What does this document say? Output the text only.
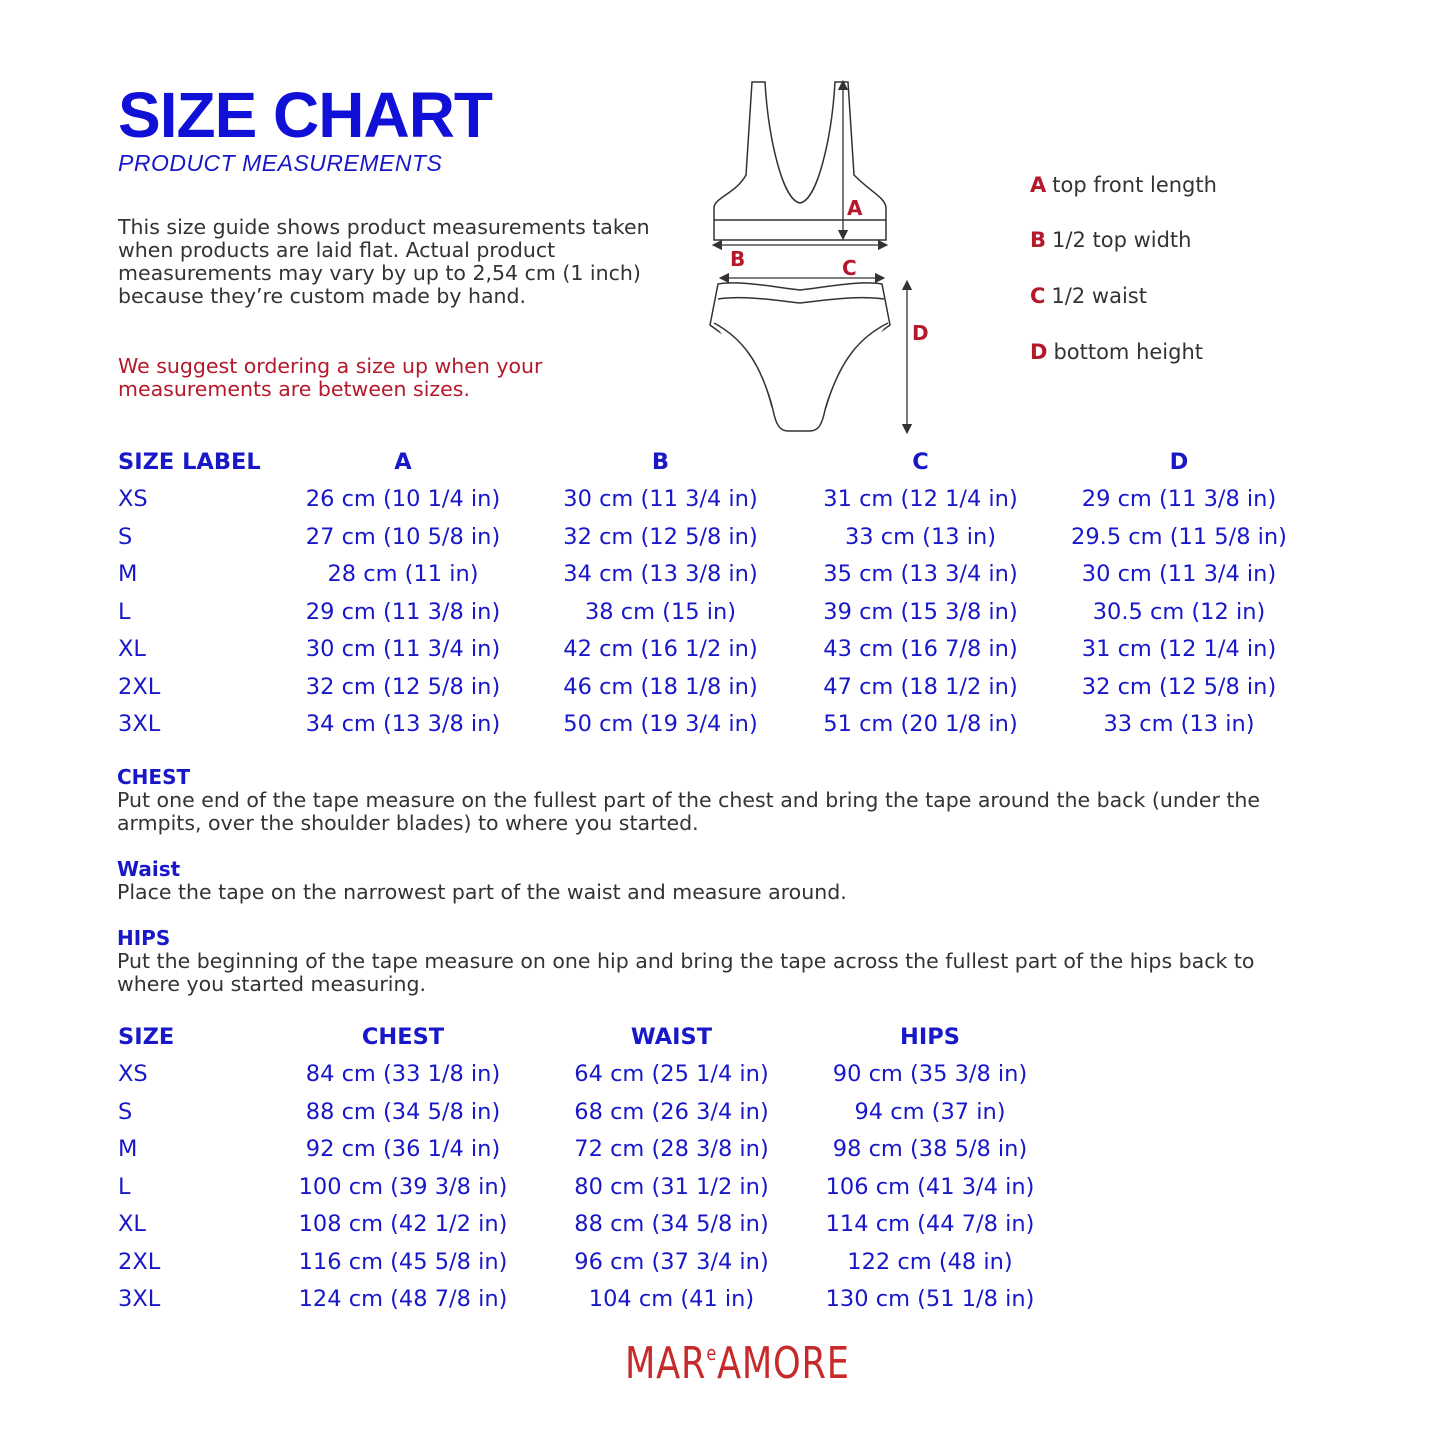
SIZE CHART
PRODUCT MEASUREMENTS
This size guide shows product measurements taken when products are laid flat. Actual product measurements may vary by up to 2,54 cm (1 inch) because they’re custom made by hand.
We suggest ordering a size up when your measurements are between sizes.
A
B	C
D
A top front length
B 1/2 top width
C 1/2 waist
D bottom height
SIZE LABEL	A	B	C	D
XS	26 cm (10 1/4 in)	30 cm (11 3/4 in)	31 cm (12 1/4 in)	29 cm (11 3/8 in)
S	27 cm (10 5/8 in)	32 cm (12 5/8 in)	33 cm (13 in)	29.5 cm (11 5/8 in)
M	28 cm (11 in)	34 cm (13 3/8 in)	35 cm (13 3/4 in)	30 cm (11 3/4 in)
L	29 cm (11 3/8 in)	38 cm (15 in)	39 cm (15 3/8 in)	30.5 cm (12 in)
XL	30 cm (11 3/4 in)	42 cm (16 1/2 in)	43 cm (16 7/8 in)	31 cm (12 1/4 in)
2XL	32 cm (12 5/8 in)	46 cm (18 1/8 in)	47 cm (18 1/2 in)	32 cm (12 5/8 in)
3XL	34 cm (13 3/8 in)	50 cm (19 3/4 in)	51 cm (20 1/8 in)	33 cm (13 in)
CHEST
Put one end of the tape measure on the fullest part of the chest and bring the tape around the back (under the armpits, over the shoulder blades) to where you started.
Waist
Place the tape on the narrowest part of the waist and measure around.
HIPS
Put the beginning of the tape measure on one hip and bring the tape across the fullest part of the hips back to where you started measuring.
SIZE	CHEST	WAIST	HIPS
XS	84 cm (33 1/8 in)	64 cm (25 1/4 in)	90 cm (35 3/8 in)
S	88 cm (34 5/8 in)	68 cm (26 3/4 in)	94 cm (37 in)
M	92 cm (36 1/4 in)	72 cm (28 3/8 in)	98 cm (38 5/8 in)
L	100 cm (39 3/8 in)	80 cm (31 1/2 in)	106 cm (41 3/4 in)
XL	108 cm (42 1/2 in)	88 cm (34 5/8 in)	114 cm (44 7/8 in)
2XL	116 cm (45 5/8 in)	96 cm (37 3/4 in)	122 cm (48 in)
3XL	124 cm (48 7/8 in)	104 cm (41 in)	130 cm (51 1/8 in)
MAR$^e$AMORE
